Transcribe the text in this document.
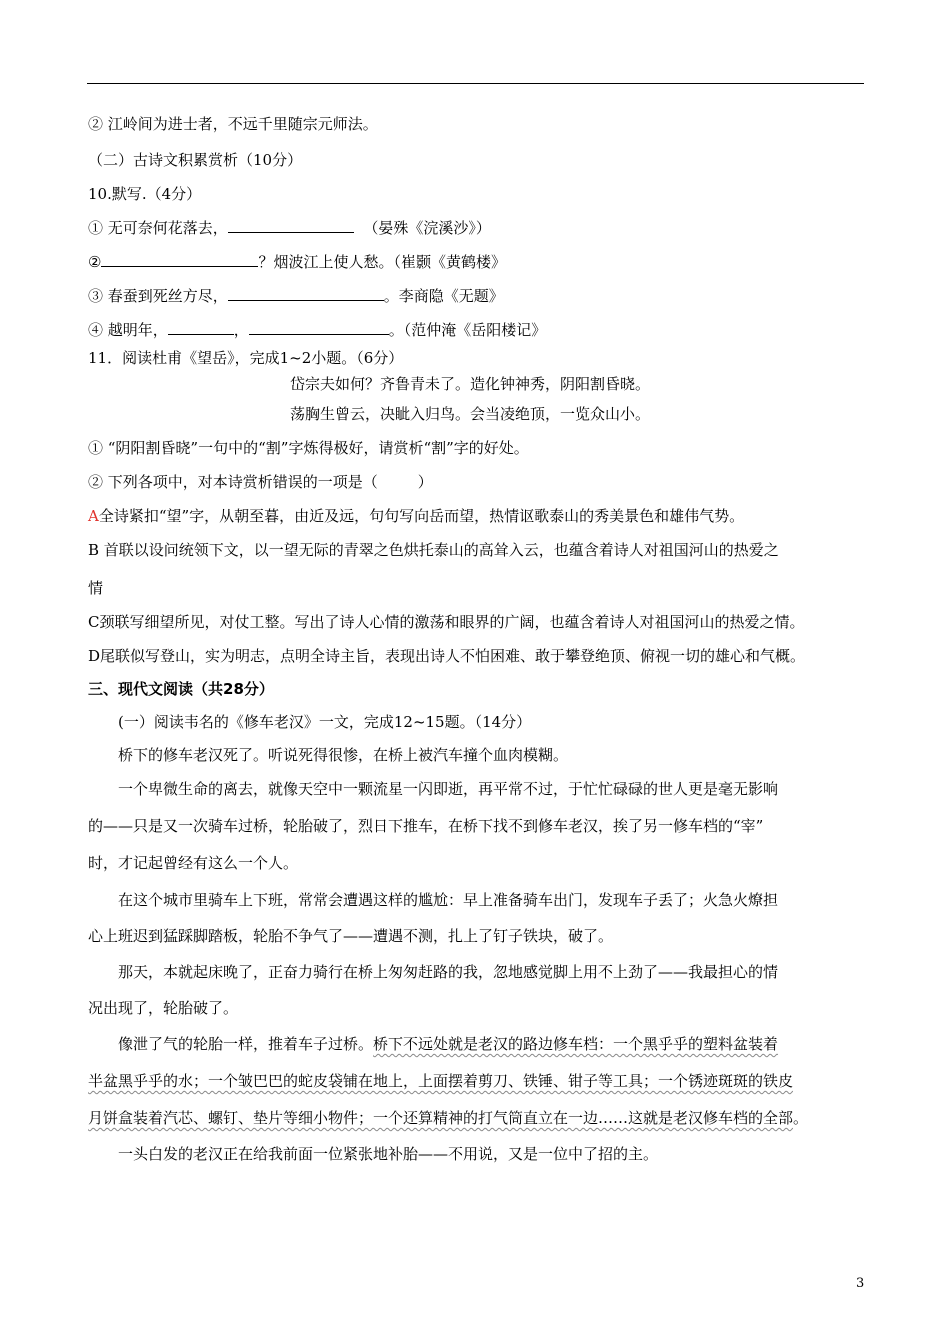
② 江岭间为进士者，不远千里随宗元师法。
（二）古诗文积累赏析（10分）
10.默写.（4分）
① 无可奈何花落去，	（晏殊《浣溪沙》）
②	？烟波江上使人愁。（崔颢《黄鹤楼》
③ 春蚕到死丝方尽，	。李商隐《无题》
④ 越明年，	，	。（范仲淹《岳阳楼记》
11．阅读杜甫《望岳》，完成1~2小题。（6分）
岱宗夫如何？齐鲁青未了。造化钟神秀，阴阳割昏晓。
荡胸生曾云，决眦入归鸟。会当凌绝顶，一览众山小。
① “阴阳割昏晓”一句中的“割”字炼得极好，请赏析“割”字的好处。
② 下列各项中，对本诗赏析错误的一项是（	）
A全诗紧扣“望”字，从朝至暮，由近及远，句句写向岳而望，热情讴歌泰山的秀美景色和雄伟气势。
B 首联以设问统领下文，以一望无际的青翠之色烘托泰山的高耸入云，也蕴含着诗人对祖国河山的热爱之
情
C颈联写细望所见，对仗工整。写出了诗人心情的激荡和眼界的广阔，也蕴含着诗人对祖国河山的热爱之情。
D尾联似写登山，实为明志，点明全诗主旨，表现出诗人不怕困难、敢于攀登绝顶、俯视一切的雄心和气概。
三、现代文阅读（共28分）
(一）阅读韦名的《修车老汉》一文，完成12~15题。（14分）
桥下的修车老汉死了。听说死得很惨，在桥上被汽车撞个血肉模糊。
一个卑微生命的离去，就像天空中一颗流星一闪即逝，再平常不过，于忙忙碌碌的世人更是毫无影响
的——只是又一次骑车过桥，轮胎破了，烈日下推车，在桥下找不到修车老汉，挨了另一修车档的“宰”
时，才记起曾经有这么一个人。
在这个城市里骑车上下班，常常会遭遇这样的尴尬：早上准备骑车出门，发现车子丢了；火急火燎担
心上班迟到猛踩脚踏板，轮胎不争气了——遭遇不测，扎上了钉子铁块，破了。
那天，本就起床晚了，正奋力骑行在桥上匆匆赶路的我，忽地感觉脚上用不上劲了——我最担心的情
况出现了，轮胎破了。
像泄了气的轮胎一样，推着车子过桥。桥下不远处就是老汉的路边修车档：一个黑乎乎的塑料盆装着
半盆黑乎乎的水；一个皱巴巴的蛇皮袋铺在地上，上面摆着剪刀、铁锤、钳子等工具；一个锈迹斑斑的铁皮
月饼盒装着汽芯、螺钉、垫片等细小物件；一个还算精神的打气筒直立在一边……这就是老汉修车档的全部。
一头白发的老汉正在给我前面一位紧张地补胎——不用说，又是一位中了招的主。
3
